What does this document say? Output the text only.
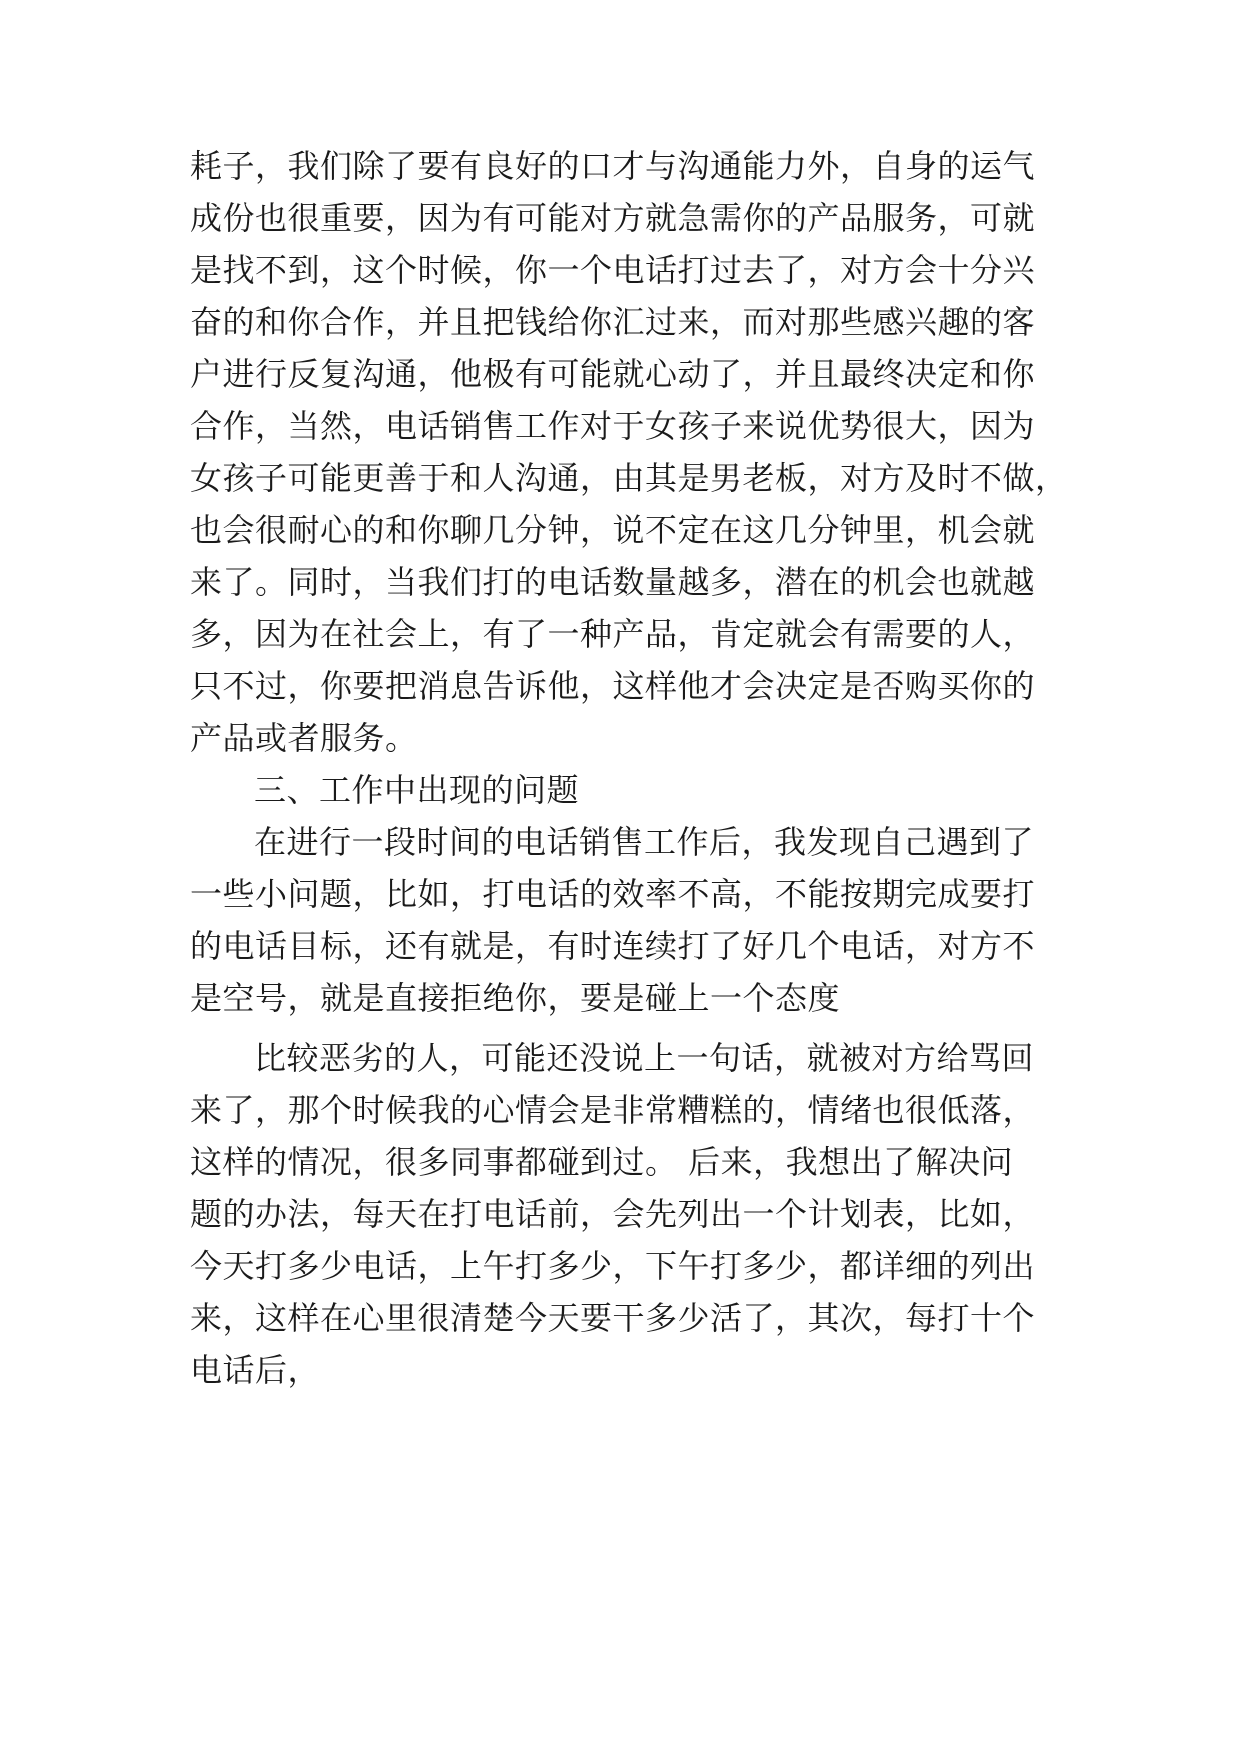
耗子，我们除了要有良好的口才与沟通能力外，自身的运气
成份也很重要，因为有可能对方就急需你的产品服务，可就
是找不到，这个时候，你一个电话打过去了，对方会十分兴
奋的和你合作，并且把钱给你汇过来，而对那些感兴趣的客
户进行反复沟通，他极有可能就心动了，并且最终决定和你
合作，当然，电话销售工作对于女孩子来说优势很大，因为
女孩子可能更善于和人沟通，由其是男老板，对方及时不做，
也会很耐心的和你聊几分钟，说不定在这几分钟里，机会就
来了。同时，当我们打的电话数量越多，潜在的机会也就越
多，因为在社会上，有了一种产品，肯定就会有需要的人，
只不过，你要把消息告诉他，这样他才会决定是否购买你的
产品或者服务。
三、工作中出现的问题
在进行一段时间的电话销售工作后，我发现自己遇到了
一些小问题，比如，打电话的效率不高，不能按期完成要打
的电话目标，还有就是，有时连续打了好几个电话，对方不
是空号，就是直接拒绝你，要是碰上一个态度
比较恶劣的人，可能还没说上一句话，就被对方给骂回
来了，那个时候我的心情会是非常糟糕的，情绪也很低落，
这样的情况，很多同事都碰到过。 后来，我想出了解决问
题的办法，每天在打电话前，会先列出一个计划表，比如，
今天打多少电话，上午打多少，下午打多少，都详细的列出
来，这样在心里很清楚今天要干多少活了，其次，每打十个
电话后，
